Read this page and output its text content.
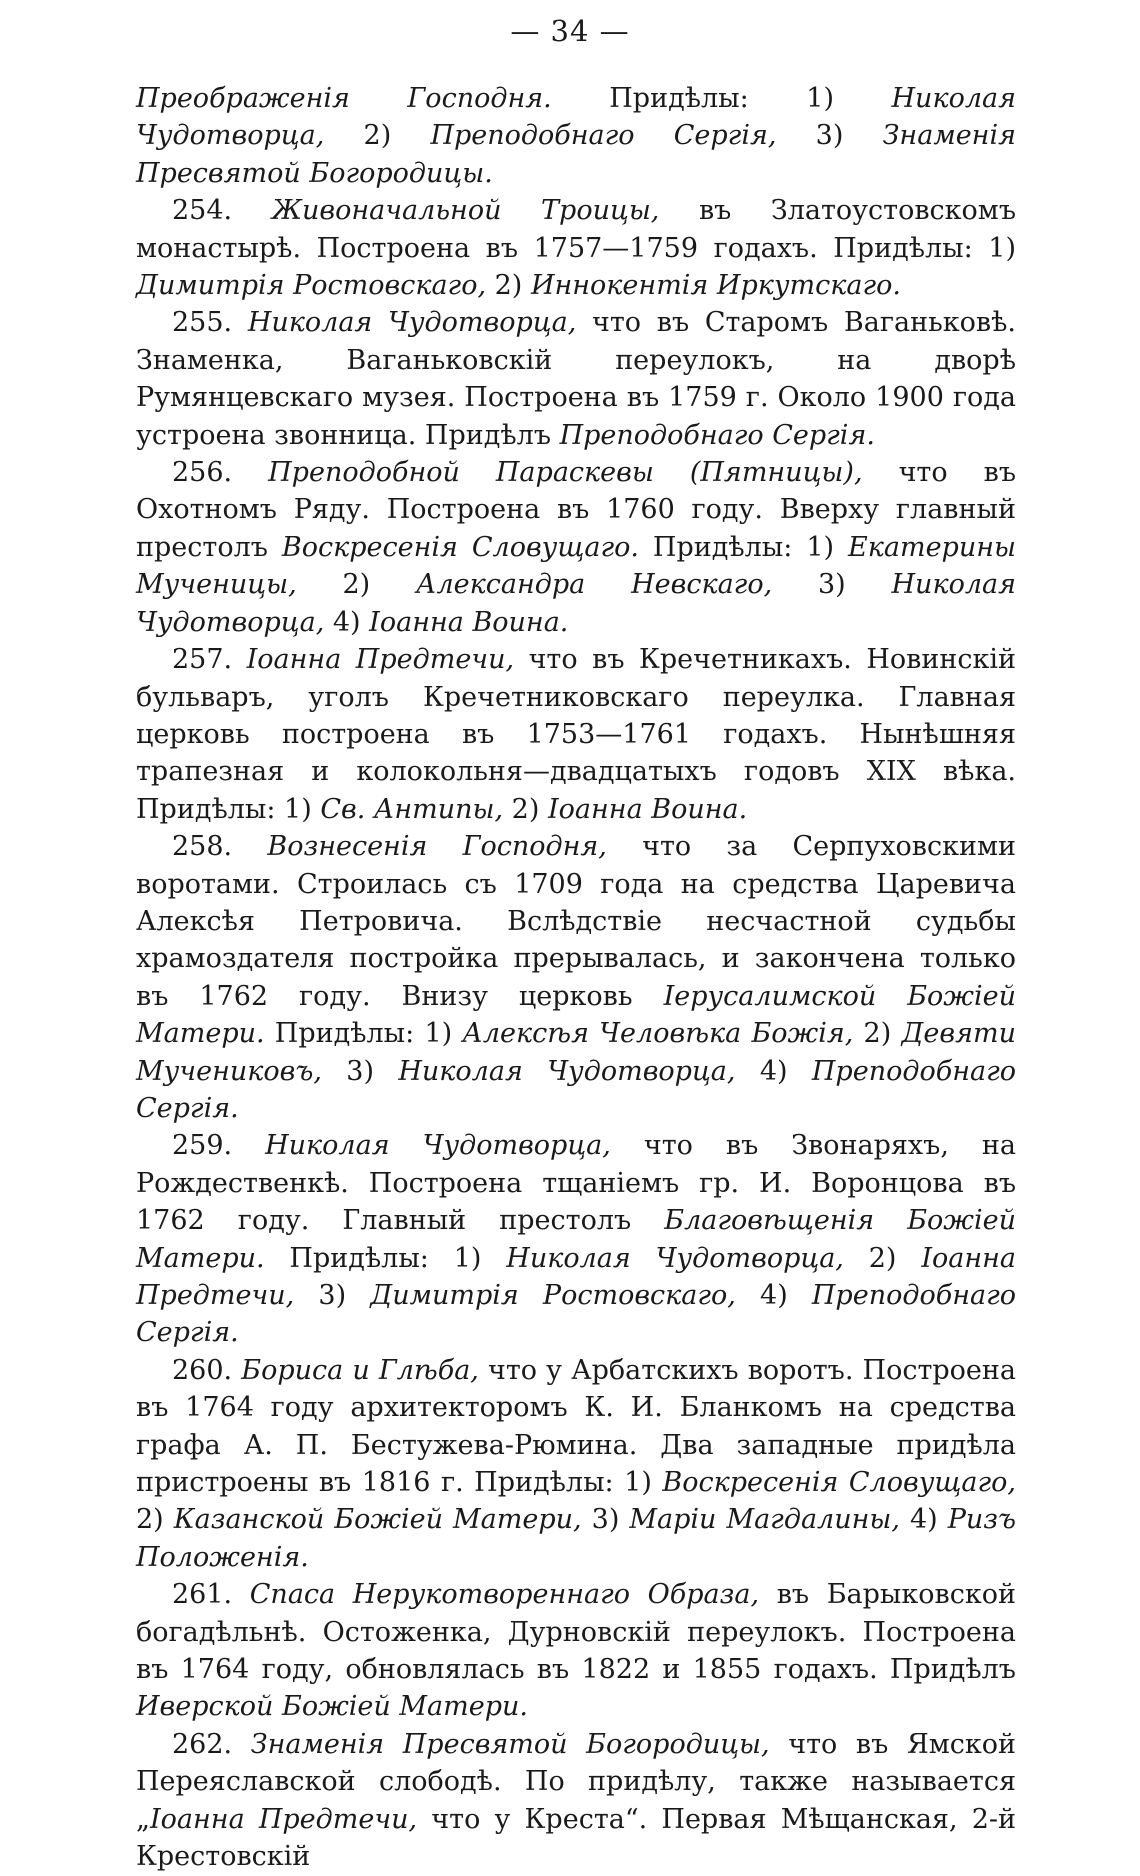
— 34 —

Преображенія Господня. Придѣлы: 1) Николая Чудотворца, 2) Преподобнаго Сергія, 3) Знаменія Пресвятой Богородицы.

254. Живоначальной Троицы, въ Златоустовскомъ монастырѣ. Построена въ 1757—1759 годахъ. Придѣлы: 1) Димитрія Ростовскаго, 2) Иннокентія Иркутскаго.

255. Николая Чудотворца, что въ Старомъ Ваганьковѣ. Знаменка, Ваганьковскій переулокъ, на дворѣ Румянцевскаго музея. Построена въ 1759 г. Около 1900 года устроена звонница. Придѣлъ Преподобнаго Сергія.

256. Преподобной Параскевы (Пятницы), что въ Охотномъ Ряду. Построена въ 1760 году. Вверху главный престолъ Воскресенія Словущаго. Придѣлы: 1) Екатерины Мученицы, 2) Александра Невскаго, 3) Николая Чудотворца, 4) Іоанна Воина.

257. Іоанна Предтечи, что въ Кречетникахъ. Новинскій бульваръ, уголъ Кречетниковскаго переулка. Главная церковь построена въ 1753—1761 годахъ. Нынѣшняя трапезная и колокольня—двадцатыхъ годовъ XIX вѣка. Придѣлы: 1) Св. Антипы, 2) Іоанна Воина.

258. Вознесенія Господня, что за Серпуховскими воротами. Строилась съ 1709 года на средства Царевича Алексѣя Петровича. Вслѣдствіе несчастной судьбы храмоздателя постройка прерывалась, и закончена только въ 1762 году. Внизу церковь Іерусалимской Божіей Матери. Придѣлы: 1) Алексѣя Человѣка Божія, 2) Девяти Мучениковъ, 3) Николая Чудотворца, 4) Преподобнаго Сергія.

259. Николая Чудотворца, что въ Звонаряхъ, на Рождественкѣ. Построена тщаніемъ гр. И. Воронцова въ 1762 году. Главный престолъ Благовѣщенія Божіей Матери. Придѣлы: 1) Николая Чудотворца, 2) Іоанна Предтечи, 3) Димитрія Ростовскаго, 4) Преподобнаго Сергія.

260. Бориса и Глѣба, что у Арбатскихъ воротъ. Построена въ 1764 году архитекторомъ К. И. Бланкомъ на средства графа А. П. Бестужева-Рюмина. Два западные придѣла пристроены въ 1816 г. Придѣлы: 1) Воскресенія Словущаго, 2) Казанской Божіей Матери, 3) Маріи Магдалины, 4) Ризъ Положенія.

261. Спаса Нерукотвореннаго Образа, въ Барыковской богадѣльнѣ. Остоженка, Дурновскій переулокъ. Построена въ 1764 году, обновлялась въ 1822 и 1855 годахъ. Придѣлъ Иверской Божіей Матери.

262. Знаменія Пресвятой Богородицы, что въ Ямской Переяславской слободѣ. По придѣлу, также называется „Іоанна Предтечи, что у Креста“. Первая Мѣщанская, 2-й Крестовскій
